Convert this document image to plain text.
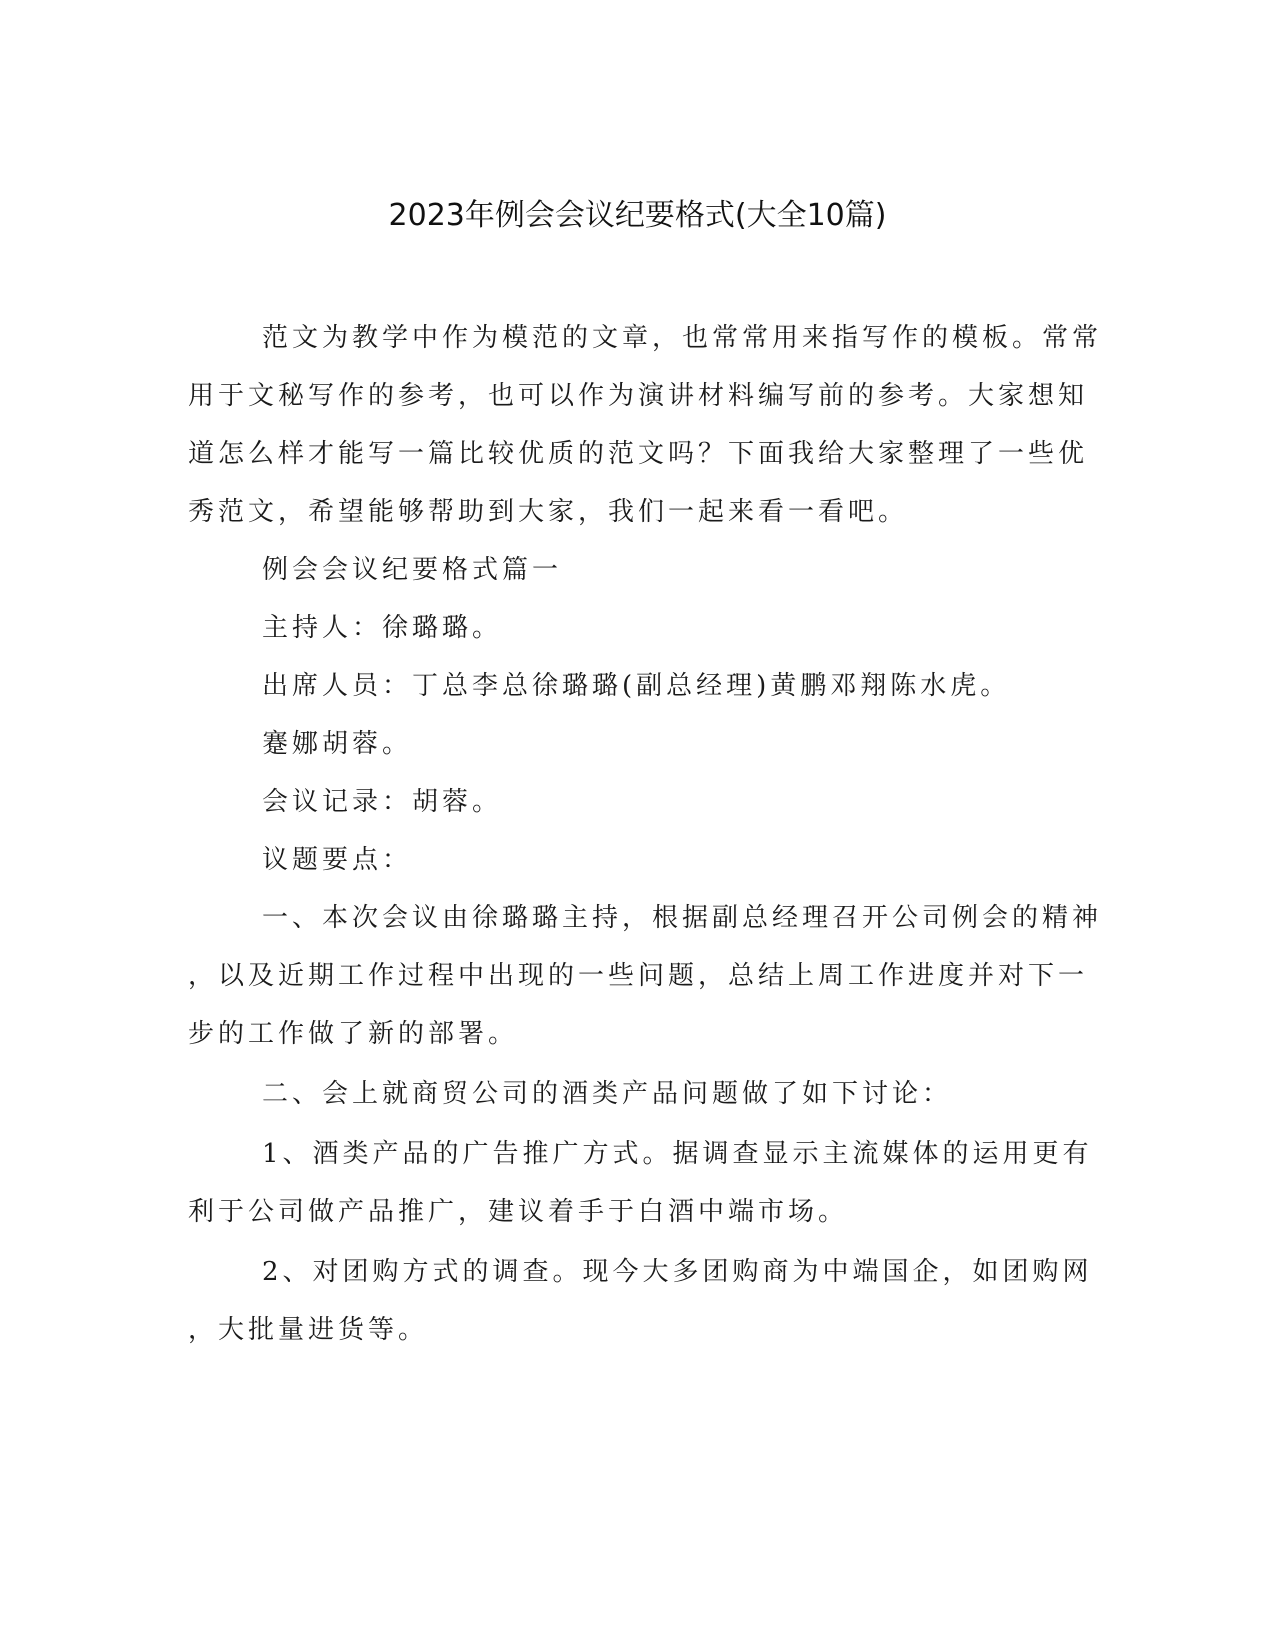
2023年例会会议纪要格式(大全10篇)
范文为教学中作为模范的文章，也常常用来指写作的模板。常常
用于文秘写作的参考，也可以作为演讲材料编写前的参考。大家想知
道怎么样才能写一篇比较优质的范文吗？下面我给大家整理了一些优
秀范文，希望能够帮助到大家，我们一起来看一看吧。
例会会议纪要格式篇一
主持人：徐璐璐。
出席人员：丁总李总徐璐璐(副总经理)黄鹏邓翔陈水虎。
蹇娜胡蓉。
会议记录：胡蓉。
议题要点：
一、本次会议由徐璐璐主持，根据副总经理召开公司例会的精神
，以及近期工作过程中出现的一些问题，总结上周工作进度并对下一
步的工作做了新的部署。
二、会上就商贸公司的酒类产品问题做了如下讨论：
1、酒类产品的广告推广方式。据调查显示主流媒体的运用更有
利于公司做产品推广，建议着手于白酒中端市场。
2、对团购方式的调查。现今大多团购商为中端国企，如团购网
，大批量进货等。
